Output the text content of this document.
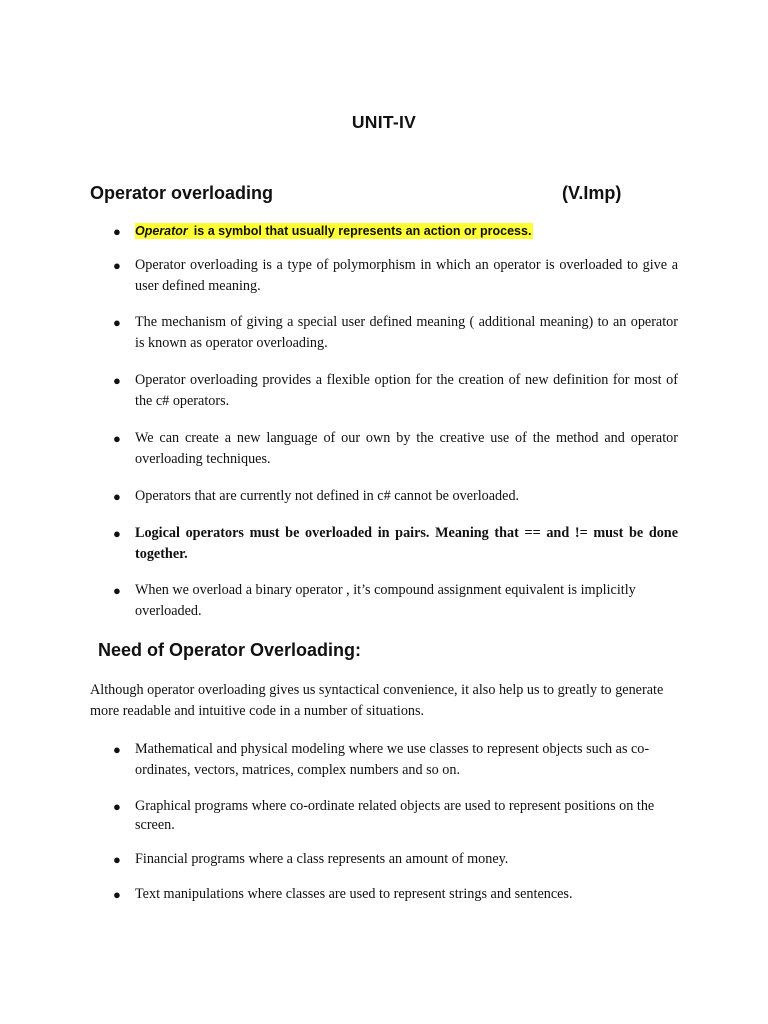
UNIT-IV
Operator overloading	(V.Imp)
● Operator is a symbol that usually represents an action or process.
● Operator overloading is a type of polymorphism in which an operator is overloaded to give a user defined meaning.
● The mechanism of giving a special user defined meaning ( additional meaning) to an operator is known as operator overloading.
● Operator overloading provides a flexible option for the creation of new definition for most of the c# operators.
● We can create a new language of our own by the creative use of the method and operator overloading techniques.
● Operators that are currently not defined in c# cannot be overloaded.
● Logical operators must be overloaded in pairs. Meaning that == and != must be done together.
● When we overload a binary operator , it’s compound assignment equivalent is implicitly overloaded.
Need of Operator Overloading:
Although operator overloading gives us syntactical convenience, it also help us to greatly to generate more readable and intuitive code in a number of situations.
● Mathematical and physical modeling where we use classes to represent objects such as co-ordinates, vectors, matrices, complex numbers and so on.
● Graphical programs where co-ordinate related objects are used to represent positions on the screen.
● Financial programs where a class represents an amount of money.
● Text manipulations where classes are used to represent strings and sentences.
